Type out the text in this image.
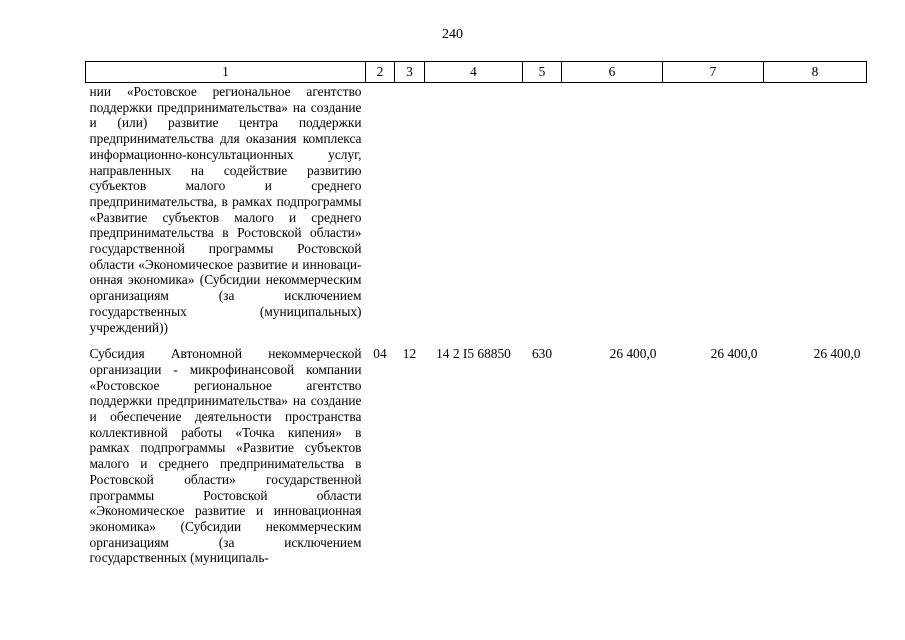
240
1	2	3	4	5	6	7	8
нии «Ростовское региональное агентство поддержки предпринимательства» на создание и (или) развитие центра поддержки предпринимательства для оказания комплекса информационно-консультационных услуг, направленных на содействие развитию субъектов малого и среднего предпринимательства, в рамках подпрограммы «Развитие субъектов малого и среднего предпринимательства в Ростовской области» государственной программы Ростовской области «Экономическое развитие и инновационная экономика» (Субсидии некоммерческим организациям (за исключением государственных (муниципальных) учреждений))							

Субсидия Автономной некоммерческой организации - микрофинансовой компании «Ростовское региональное агентство поддержки предпринимательства» на создание и обеспечение деятельности пространства коллективной работы «Точка кипения» в рамках подпрограммы «Развитие субъектов малого и среднего предпринимательства в Ростовской области» государственной программы Ростовской области «Экономическое развитие и инновационная экономика» (Субсидии некоммерческим организациям (за исключением государственных (муниципаль-	04	12	14 2 I5 68850	630	26 400,0	26 400,0	26 400,0
